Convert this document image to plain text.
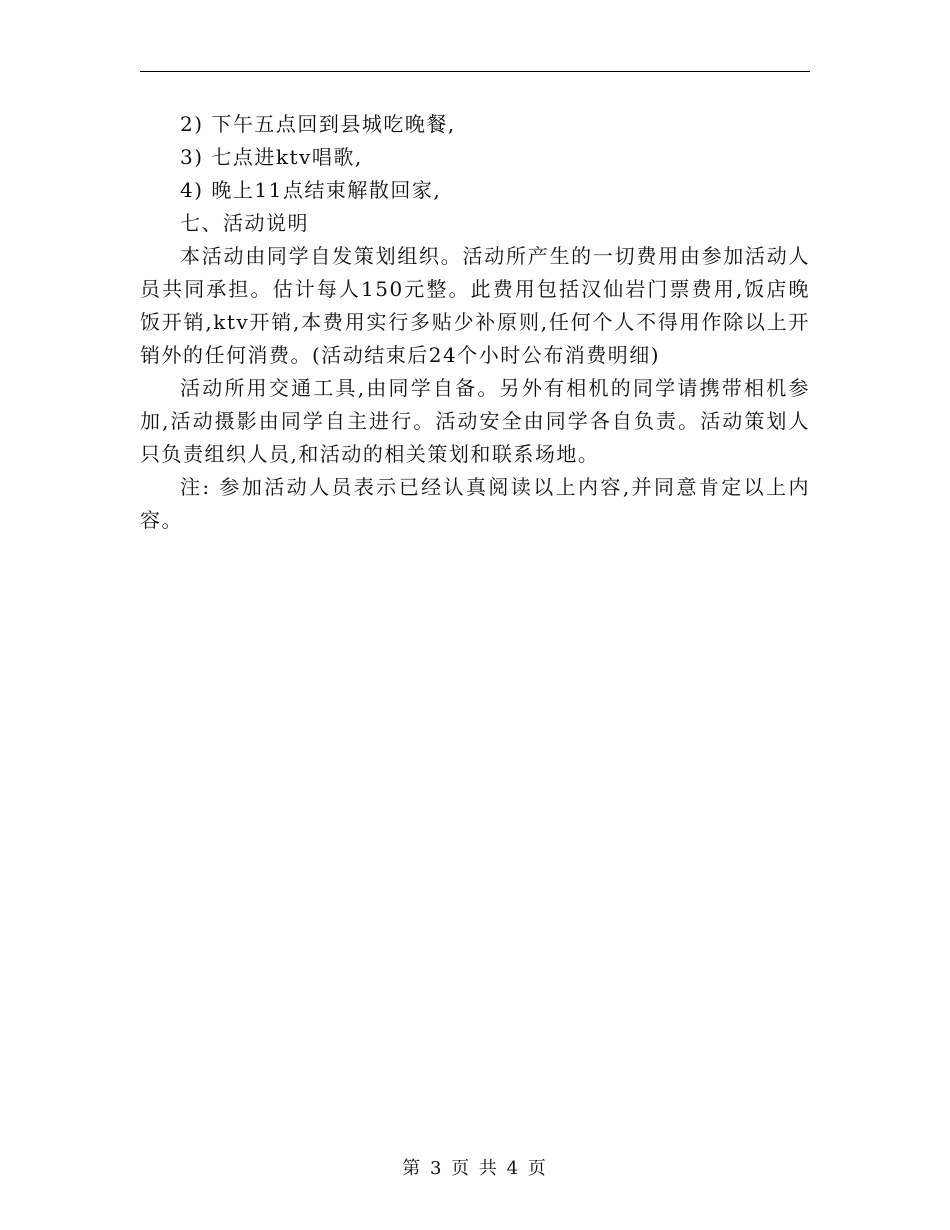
2) 下午五点回到县城吃晚餐,

3) 七点进ktv唱歌,

4) 晚上11点结束解散回家,

七、活动说明

本活动由同学自发策划组织。活动所产生的一切费用由参加活动人员共同承担。估计每人150元整。此费用包括汉仙岩门票费用,饭店晚饭开销,ktv开销,本费用实行多贴少补原则,任何个人不得用作除以上开销外的任何消费。(活动结束后24个小时公布消费明细)

活动所用交通工具,由同学自备。另外有相机的同学请携带相机参加,活动摄影由同学自主进行。活动安全由同学各自负责。活动策划人只负责组织人员,和活动的相关策划和联系场地。

注: 参加活动人员表示已经认真阅读以上内容,并同意肯定以上内容。

第 3 页 共 4 页
